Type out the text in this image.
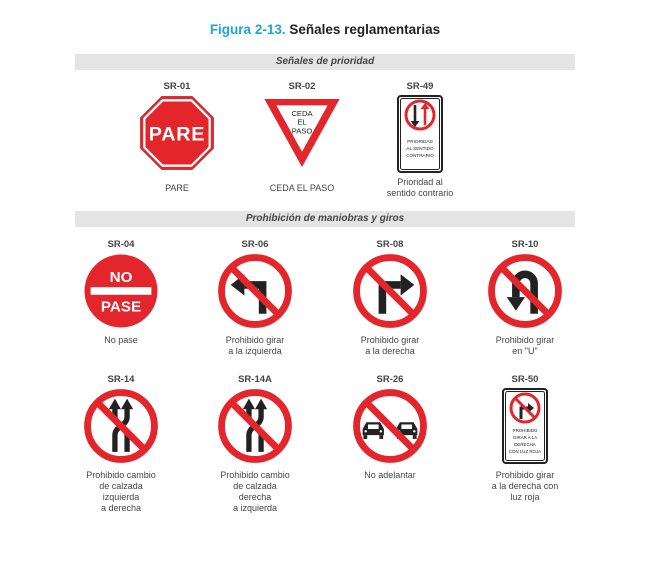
Figura 2-13. Señales reglamentarias
Señales de prioridad
Prohibición de maniobras y giros
SR-01
PARE
PARE
SR-02
CEDA EL PASO
CEDA EL PASO
SR-49
PRIORIDAD AL SENTIDO CONTRARIO
Prioridad al
sentido contrario
SR-04
NO PASE
No pase
SR-06
Prohibido girar
a la izquierda
SR-08
Prohibido girar
a la derecha
SR-10
Prohibido girar
en "U"
SR-14
Prohibido cambio
de calzada
izquierda
a derecha
SR-14A
Prohibido cambio
de calzada
derecha
a izquierda
SR-26
No adelantar
SR-50
PROHIBIDO GIRAR A LA DERECHA CON LUZ ROJA
Prohibido girar
a la derecha con
luz roja
